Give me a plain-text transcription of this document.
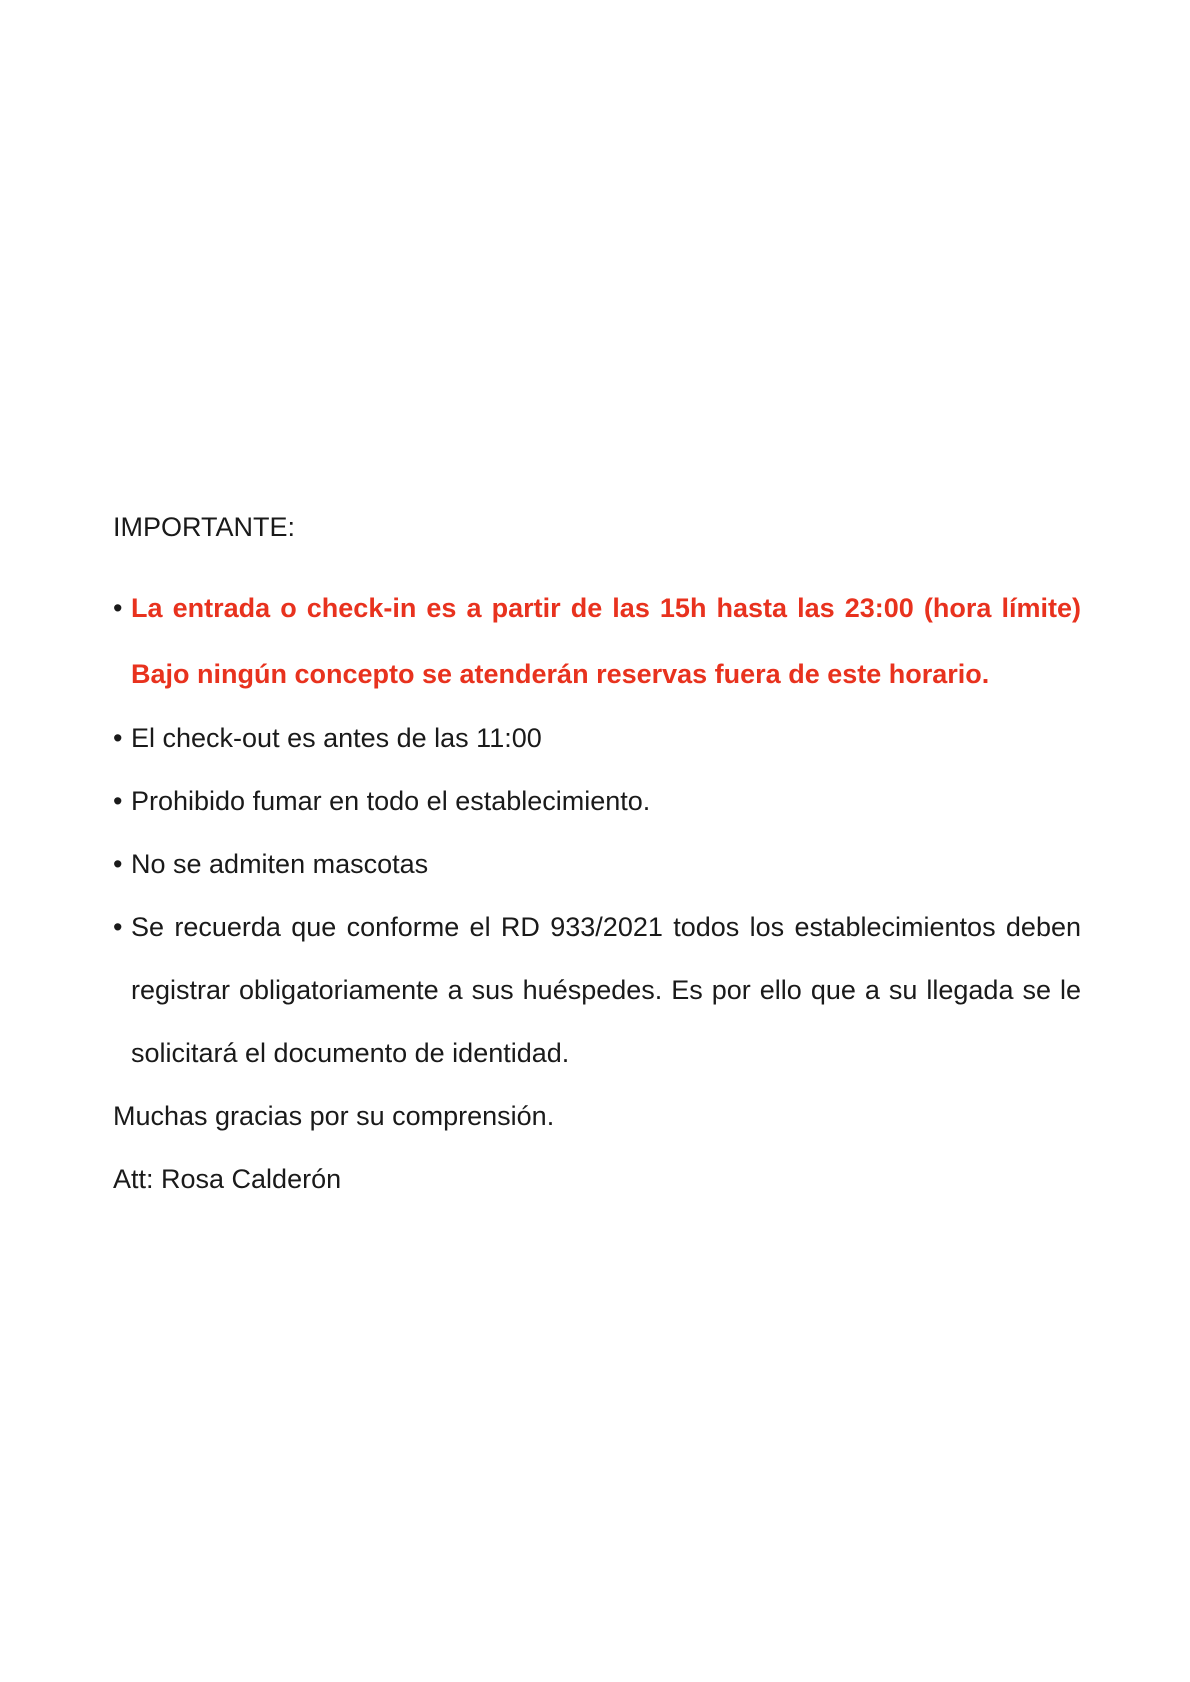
IMPORTANTE:
• La entrada o check-in es a partir de las 15h hasta las 23:00 (hora límite) Bajo ningún concepto se atenderán reservas fuera de este horario.
• El check-out es antes de las 11:00
• Prohibido fumar en todo el establecimiento.
• No se admiten mascotas
• Se recuerda que conforme el RD 933/2021 todos los establecimientos deben registrar obligatoriamente a sus huéspedes. Es por ello que a su llegada se le solicitará el documento de identidad.
Muchas gracias por su comprensión.
Att: Rosa Calderón
